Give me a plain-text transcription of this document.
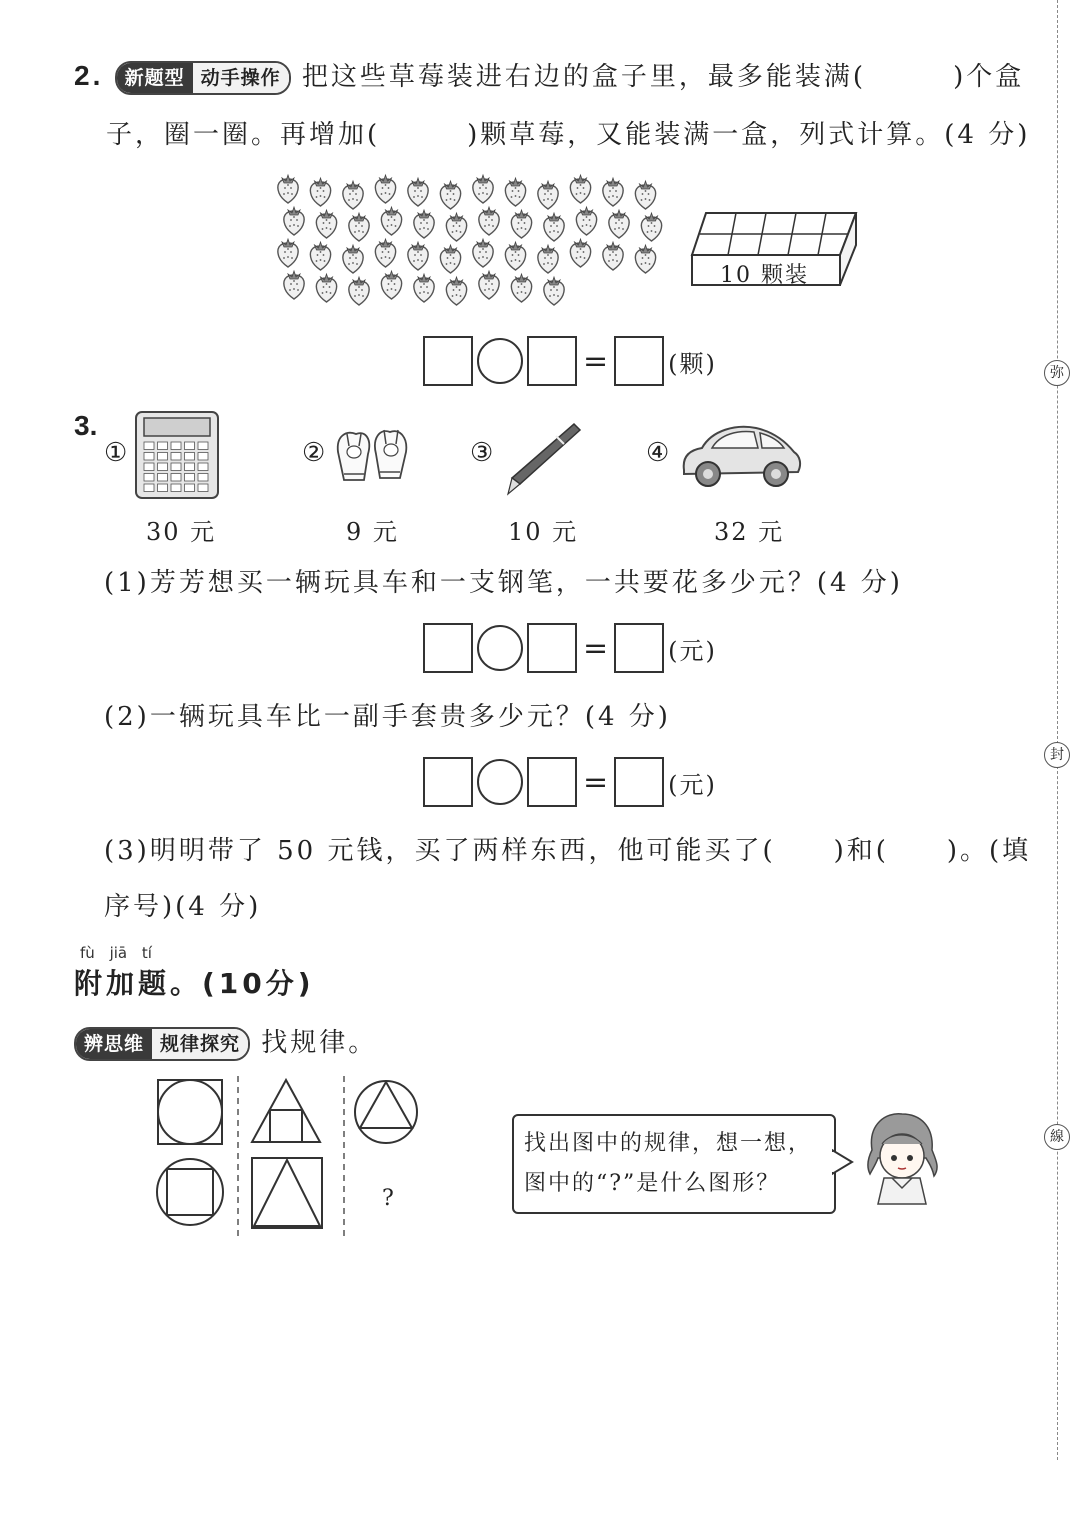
2.	新题型 动手操作 把这些草莓装进右边的盒子里，最多能装满(　　　)个盒
子，圈一圈。再增加(　　　)颗草莓，又能装满一盒，列式计算。(4 分)
10 颗装
=	(颗)
3.
①
30 元
②
9 元
③
10 元
④
32 元
(1)芳芳想买一辆玩具车和一支钢笔，一共要花多少元？(4 分)
=	(元)
(2)一辆玩具车比一副手套贵多少元？(4 分)
=	(元)
(3)明明带了 50 元钱，买了两样东西，他可能买了(　　)和(　　)。(填
序号)(4 分)
fù jiā tí
附加题。(10分)
辨思维 规律探究 找规律。
?
找出图中的规律，想一想，
图中的“?”是什么图形？
弥
封
線
